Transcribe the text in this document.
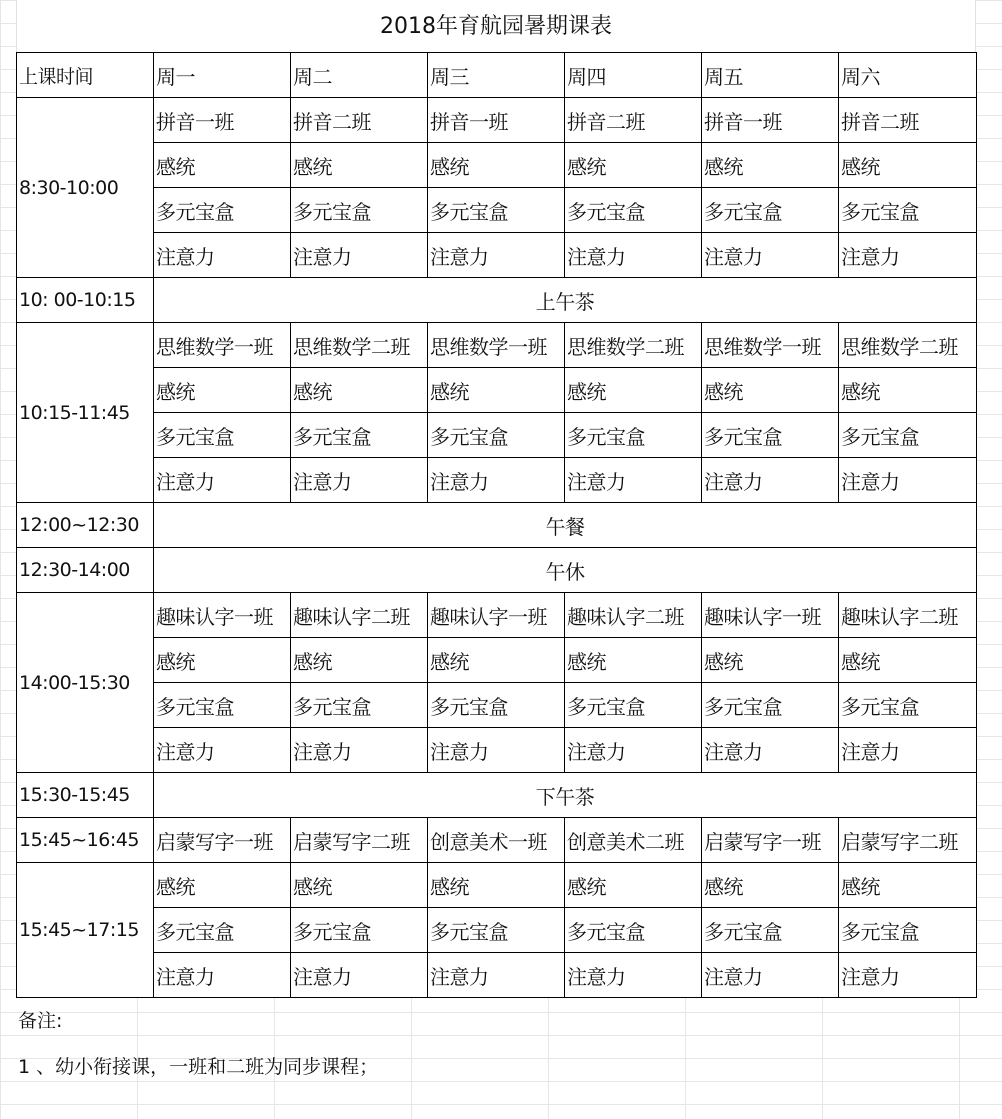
2018年育航园暑期课表
上课时间	周一	周二	周三	周四	周五	周六
8:30-10:00	拼音一班	拼音二班	拼音一班	拼音二班	拼音一班	拼音二班
	感统	感统	感统	感统	感统	感统
	多元宝盒	多元宝盒	多元宝盒	多元宝盒	多元宝盒	多元宝盒
	注意力	注意力	注意力	注意力	注意力	注意力
10: 00-10:15	上午茶					
10:15-11:45	思维数学一班	思维数学二班	思维数学一班	思维数学二班	思维数学一班	思维数学二班
	感统	感统	感统	感统	感统	感统
	多元宝盒	多元宝盒	多元宝盒	多元宝盒	多元宝盒	多元宝盒
	注意力	注意力	注意力	注意力	注意力	注意力
12:00~12:30	午餐					
12:30-14:00	午休					
14:00-15:30	趣味认字一班	趣味认字二班	趣味认字一班	趣味认字二班	趣味认字一班	趣味认字二班
	感统	感统	感统	感统	感统	感统
	多元宝盒	多元宝盒	多元宝盒	多元宝盒	多元宝盒	多元宝盒
	注意力	注意力	注意力	注意力	注意力	注意力
15:30-15:45	下午茶					
15:45~16:45	启蒙写字一班	启蒙写字二班	创意美术一班	创意美术二班	启蒙写字一班	启蒙写字二班
15:45~17:15	感统	感统	感统	感统	感统	感统
	多元宝盒	多元宝盒	多元宝盒	多元宝盒	多元宝盒	多元宝盒
	注意力	注意力	注意力	注意力	注意力	注意力
备注:
1 、幼小衔接课，一班和二班为同步课程；
